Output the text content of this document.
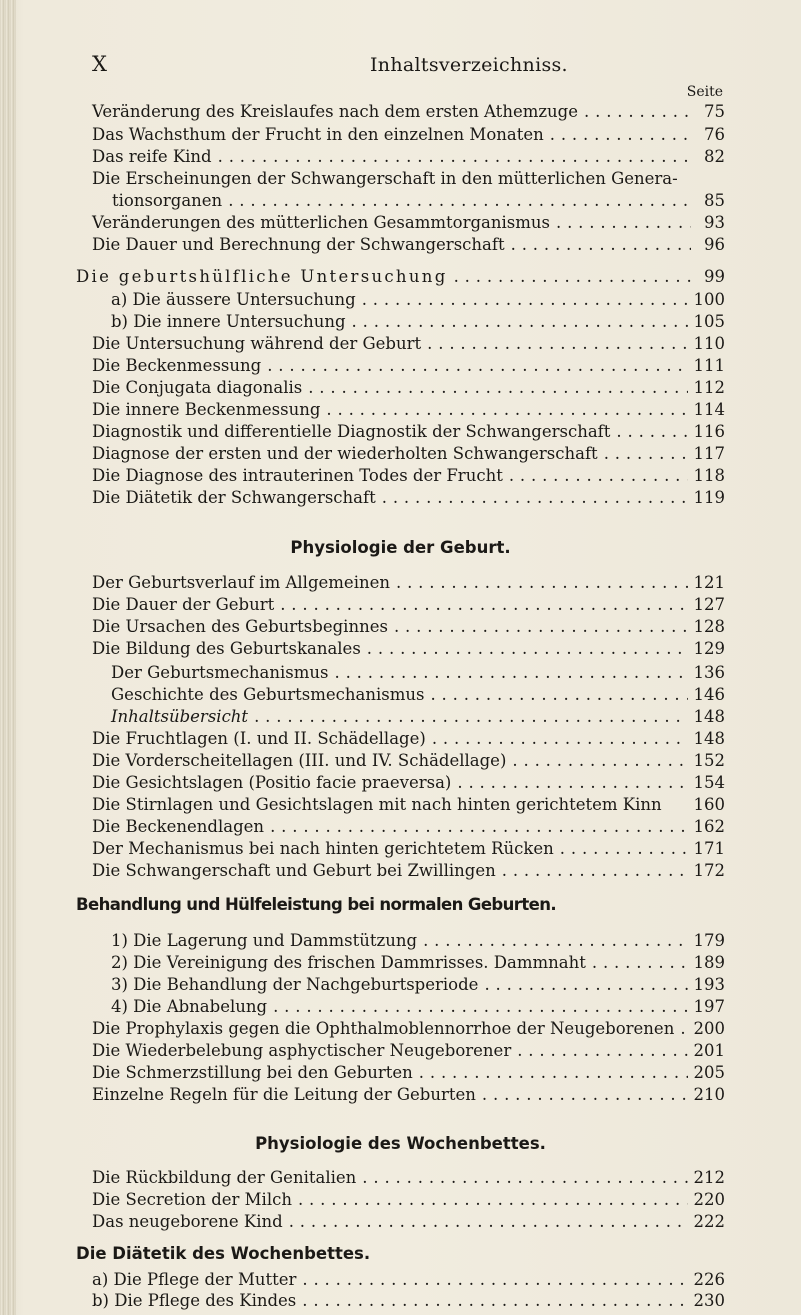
X	Inhaltsverzeichniss.
Seite
Veränderung des Kreislaufes nach dem ersten Athemzuge . . .	75
Das Wachsthum der Frucht in den einzelnen Monaten . . .	76
Das reife Kind . . .	82
Die Erscheinungen der Schwangerschaft in den mütterlichen Genera-
tionsorganen . . .	85
Veränderungen des mütterlichen Gesammtorganismus . . .	93
Die Dauer und Berechnung der Schwangerschaft . . .	96
Die geburtshülfliche Untersuchung . . .	99
a) Die äussere Untersuchung . . .	100
b) Die innere Untersuchung . . .	105
Die Untersuchung während der Geburt . . .	110
Die Beckenmessung . . .	111
Die Conjugata diagonalis . . .	112
Die innere Beckenmessung . . .	114
Diagnostik und differentielle Diagnostik der Schwangerschaft . . .	116
Diagnose der ersten und der wiederholten Schwangerschaft . . .	117
Die Diagnose des intrauterinen Todes der Frucht . . .	118
Die Diätetik der Schwangerschaft . . .	119
Physiologie der Geburt.
Der Geburtsverlauf im Allgemeinen . . .	121
Die Dauer der Geburt . . .	127
Die Ursachen des Geburtsbeginnes . . .	128
Die Bildung des Geburtskanales . . .	129
Der Geburtsmechanismus . . .	136
Geschichte des Geburtsmechanismus . . .	146
Inhaltsübersicht . . .	148
Die Fruchtlagen (I. und II. Schädellage) . . .	148
Die Vorderscheitellagen (III. und IV. Schädellage) . . .	152
Die Gesichtslagen (Positio facie praeversa) . . .	154
Die Stirnlagen und Gesichtslagen mit nach hinten gerichtetem Kinn 160
Die Beckenendlagen . . .	162
Der Mechanismus bei nach hinten gerichtetem Rücken . . .	171
Die Schwangerschaft und Geburt bei Zwillingen . . .	172
Behandlung und Hülfeleistung bei normalen Geburten.
1) Die Lagerung und Dammstützung . . .	179
2) Die Vereinigung des frischen Dammrisses. Dammnaht . . .	189
3) Die Behandlung der Nachgeburtsperiode . . .	193
4) Die Abnabelung . . .	197
Die Prophylaxis gegen die Ophthalmoblennorrhoe der Neugeborenen . . . 200
Die Wiederbelebung asphyctischer Neugeborener . . .	201
Die Schmerzstillung bei den Geburten . . .	205
Einzelne Regeln für die Leitung der Geburten . . .	210
Physiologie des Wochenbettes.
Die Rückbildung der Genitalien . . .	212
Die Secretion der Milch . . .	220
Das neugeborene Kind . . .	222
Die Diätetik des Wochenbettes.
a) Die Pflege der Mutter . . .	226
b) Die Pflege des Kindes . . .	230
